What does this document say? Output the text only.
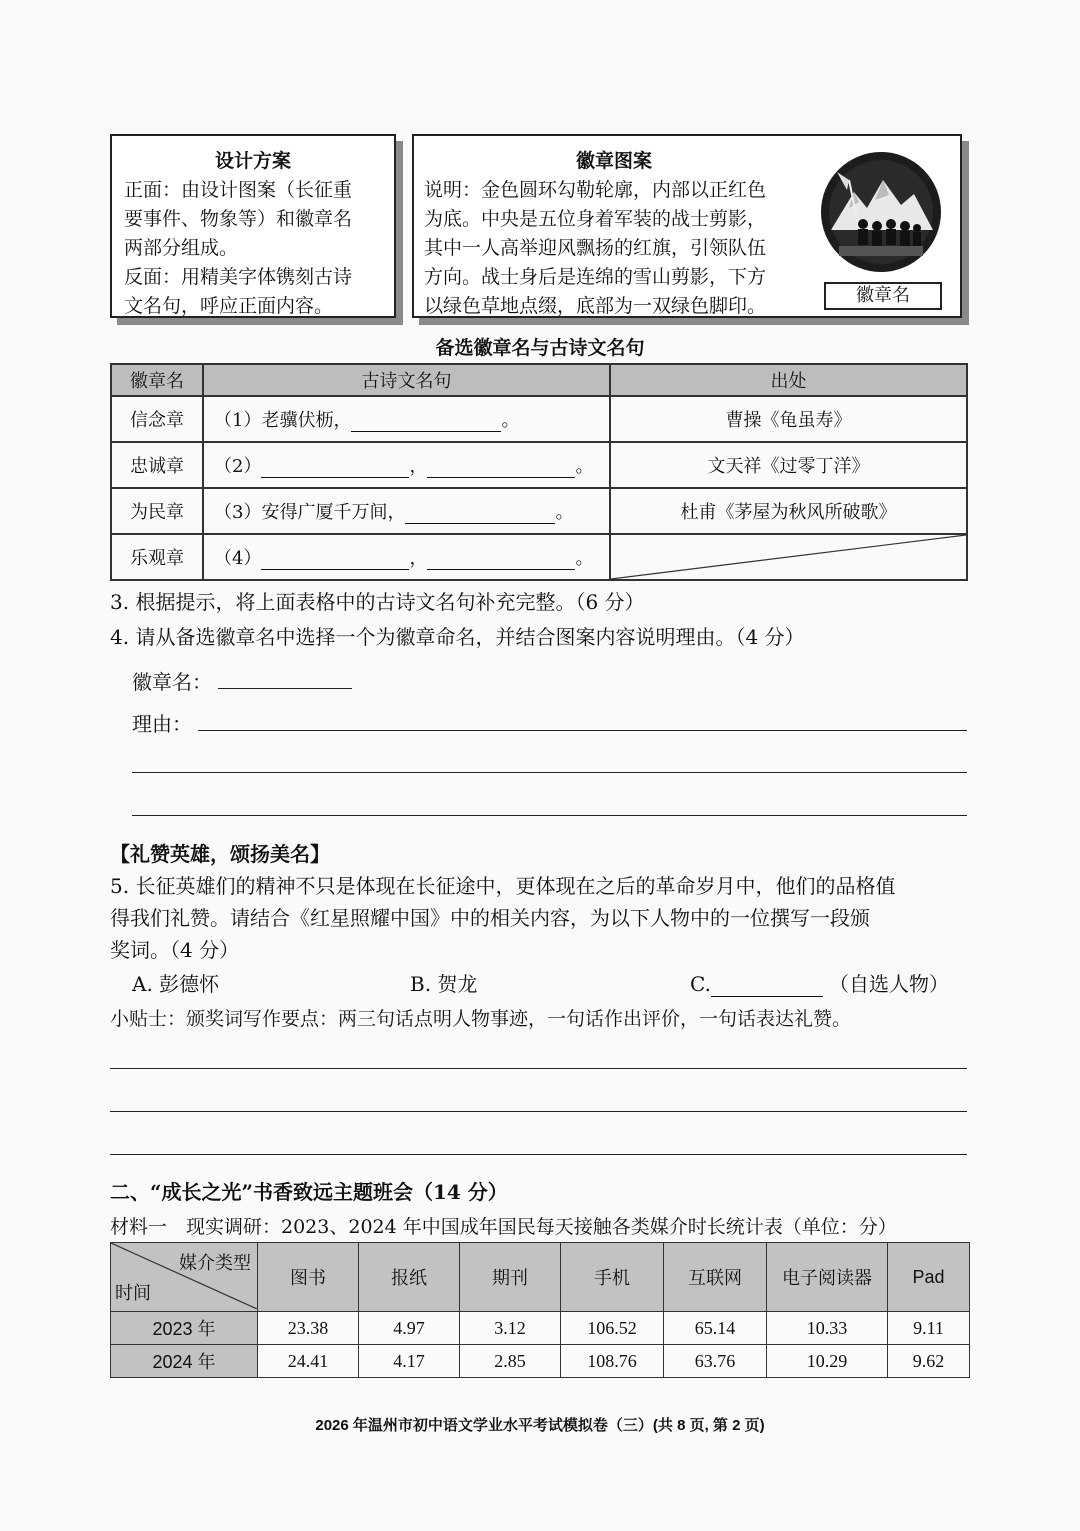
设计方案
正面：由设计图案（长征重
要事件、物象等）和徽章名
两部分组成。
反面：用精美字体镌刻古诗
文名句，呼应正面内容。
徽章图案
说明：金色圆环勾勒轮廓，内部以正红色
为底。中央是五位身着军装的战士剪影，
其中一人高举迎风飘扬的红旗，引领队伍
方向。战士身后是连绵的雪山剪影，下方
以绿色草地点缀，底部为一双绿色脚印。	徽章名
备选徽章名与古诗文名句
徽章名	古诗文名句	出处
信念章	（1）老骥伏枥， 。	曹操《龟虽寿》
忠诚章	（2） ， 。	文天祥《过零丁洋》
为民章	（3）安得广厦千万间， 。	杜甫《茅屋为秋风所破歌》
乐观章	（4） ， 。	
3. 根据提示，将上面表格中的古诗文名句补充完整。（6 分）
4. 请从备选徽章名中选择一个为徽章命名，并结合图案内容说明理由。（4 分）
徽章名：
理由：
【礼赞英雄，颂扬美名】
5. 长征英雄们的精神不只是体现在长征途中，更体现在之后的革命岁月中，他们的品格值
得我们礼赞。请结合《红星照耀中国》中的相关内容，为以下人物中的一位撰写一段颁
奖词。（4 分）
A. 彭德怀	B. 贺龙	C.	（自选人物）
小贴士：颁奖词写作要点：两三句话点明人物事迹，一句话作出评价，一句话表达礼赞。
二、“成长之光”书香致远主题班会（14 分）
材料一　现实调研：2023、2024 年中国成年国民每天接触各类媒介时长统计表（单位：分）
媒介类型
时间	图书	报纸	期刊	手机	互联网	电子阅读器	Pad
2023 年	23.38	4.97	3.12	106.52	65.14	10.33	9.11
2024 年	24.41	4.17	2.85	108.76	63.76	10.29	9.62
2026 年温州市初中语文学业水平考试模拟卷（三）(共 8 页, 第 2 页)
